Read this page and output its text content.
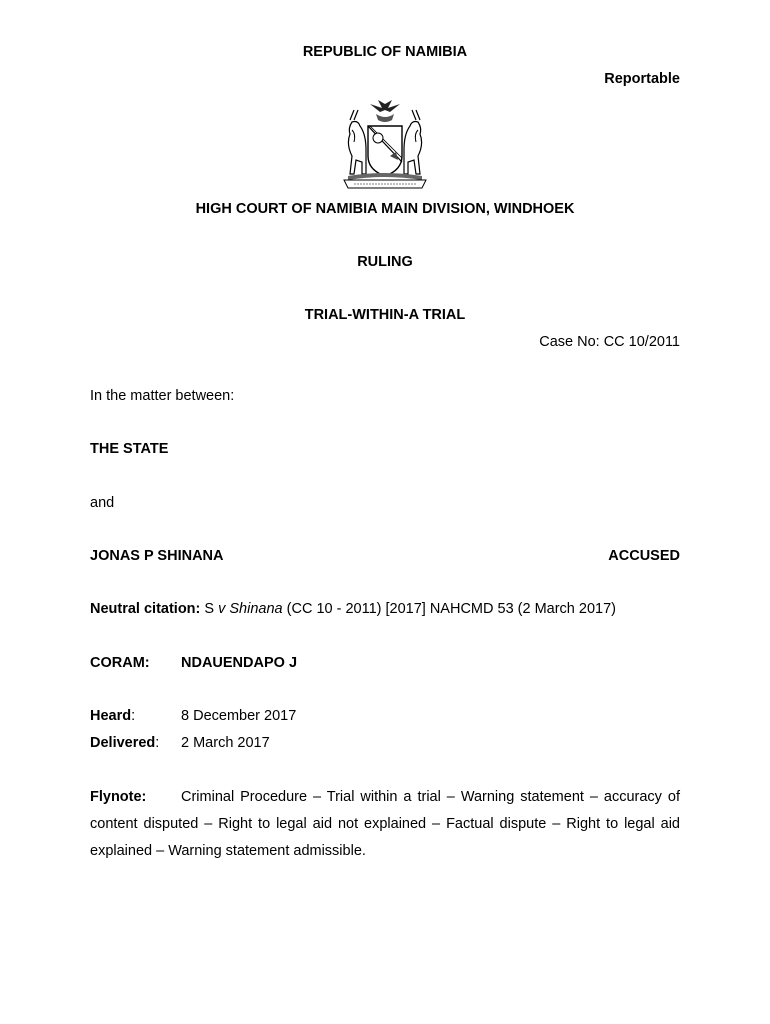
REPUBLIC OF NAMIBIA
Reportable
HIGH COURT OF NAMIBIA MAIN DIVISION, WINDHOEK
RULING
TRIAL-WITHIN-A TRIAL
Case No: CC 10/2011
In the matter between:
THE STATE
and
JONAS P SHINANA	ACCUSED
Neutral citation: S v Shinana (CC 10 - 2011) [2017] NAHCMD 53 (2 March 2017)
CORAM: NDAUENDAPO J
Heard:	8 December 2017
Delivered: 2 March 2017
Flynote: Criminal Procedure – Trial within a trial – Warning statement – accuracy of content disputed – Right to legal aid not explained – Factual dispute – Right to legal aid explained – Warning statement admissible.
